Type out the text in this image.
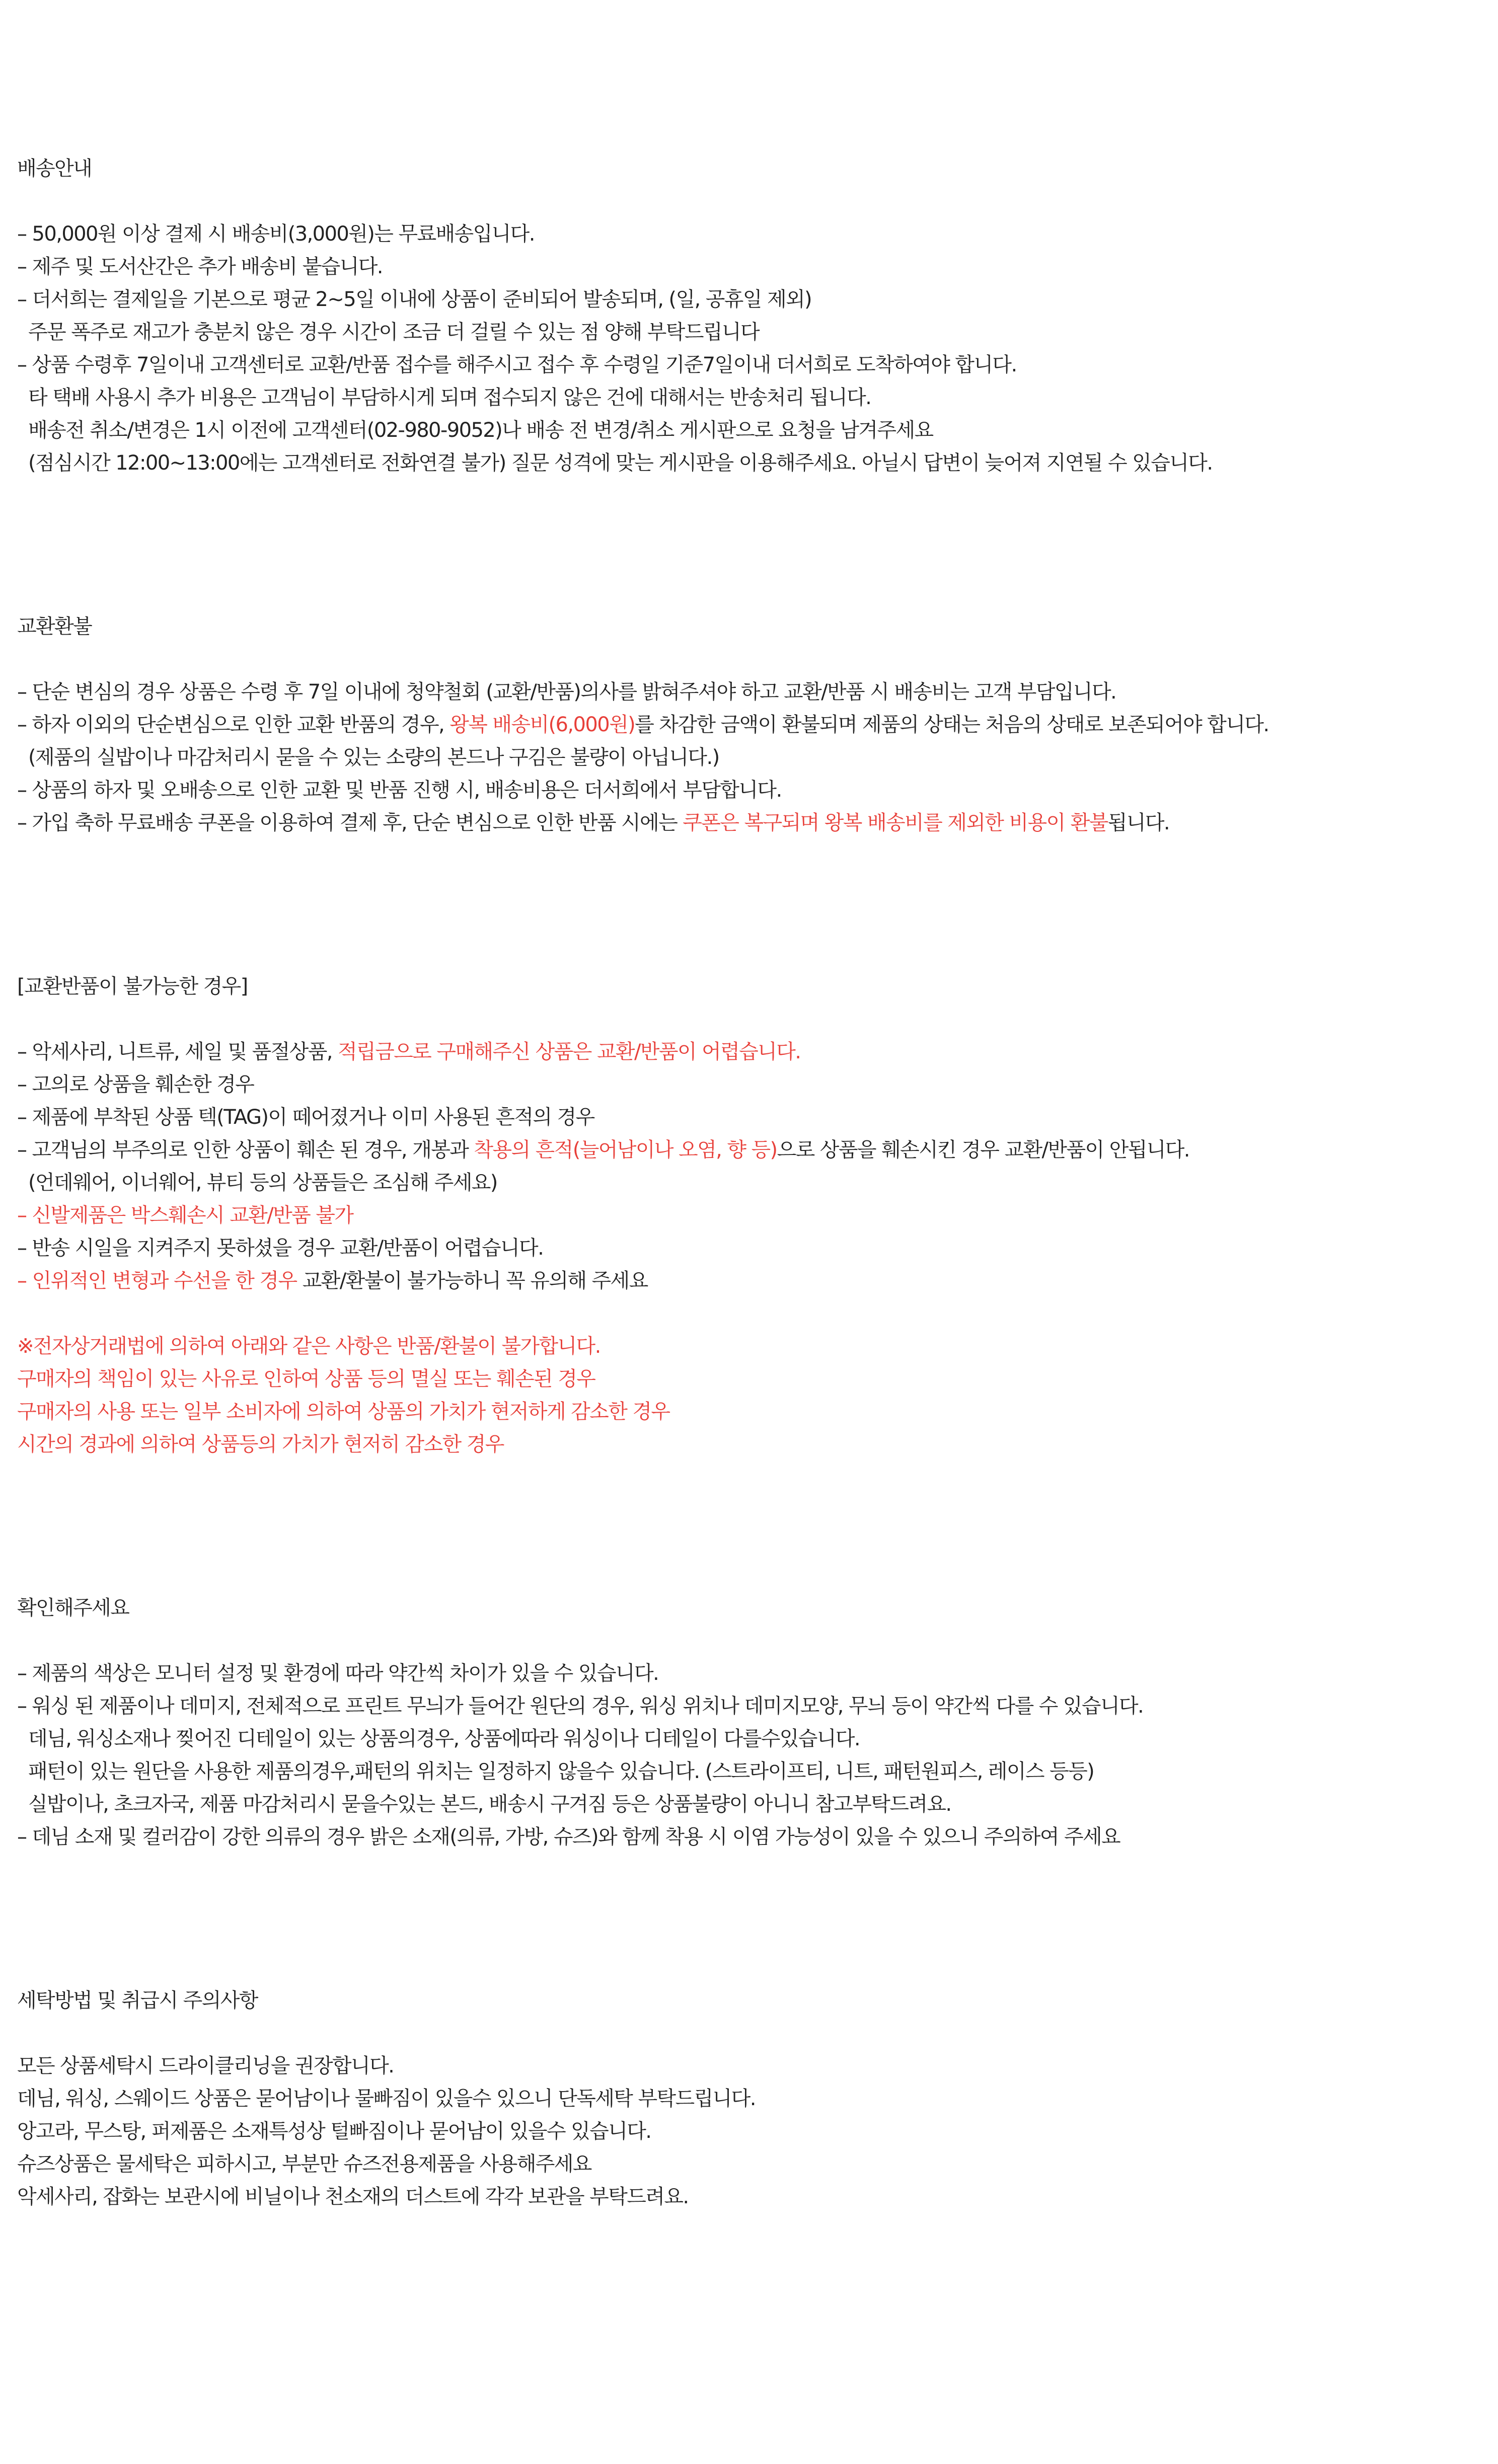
배송안내
– 50,000원 이상 결제 시 배송비(3,000원)는 무료배송입니다.
– 제주 및 도서산간은 추가 배송비 붙습니다.
– 더서희는 결제일을 기본으로 평균 2~5일 이내에 상품이 준비되어 발송되며, (일, 공휴일 제외)
주문 폭주로 재고가 충분치 않은 경우 시간이 조금 더 걸릴 수 있는 점 양해 부탁드립니다
– 상품 수령후 7일이내 고객센터로 교환/반품 접수를 해주시고 접수 후 수령일 기준7일이내 더서희로 도착하여야 합니다.
타 택배 사용시 추가 비용은 고객님이 부담하시게 되며 접수되지 않은 건에 대해서는 반송처리 됩니다.
배송전 취소/변경은 1시 이전에 고객센터(02-980-9052)나 배송 전 변경/취소 게시판으로 요청을 남겨주세요
(점심시간 12:00~13:00에는 고객센터로 전화연결 불가) 질문 성격에 맞는 게시판을 이용해주세요. 아닐시 답변이 늦어져 지연될 수 있습니다.
교환환불
– 단순 변심의 경우 상품은 수령 후 7일 이내에 청약철회 (교환/반품)의사를 밝혀주셔야 하고 교환/반품 시 배송비는 고객 부담입니다.
– 하자 이외의 단순변심으로 인한 교환 반품의 경우, 왕복 배송비(6,000원)를 차감한 금액이 환불되며 제품의 상태는 처음의 상태로 보존되어야 합니다.
(제품의 실밥이나 마감처리시 묻을 수 있는 소량의 본드나 구김은 불량이 아닙니다.)
– 상품의 하자 및 오배송으로 인한 교환 및 반품 진행 시, 배송비용은 더서희에서 부담합니다.
– 가입 축하 무료배송 쿠폰을 이용하여 결제 후, 단순 변심으로 인한 반품 시에는 쿠폰은 복구되며 왕복 배송비를 제외한 비용이 환불됩니다.
[교환반품이 불가능한 경우]
– 악세사리, 니트류, 세일 및 품절상품, 적립금으로 구매해주신 상품은 교환/반품이 어렵습니다.
– 고의로 상품을 훼손한 경우
– 제품에 부착된 상품 텍(TAG)이 떼어졌거나 이미 사용된 흔적의 경우
– 고객님의 부주의로 인한 상품이 훼손 된 경우, 개봉과 착용의 흔적(늘어남이나 오염, 향 등)으로 상품을 훼손시킨 경우 교환/반품이 안됩니다.
(언데웨어, 이너웨어, 뷰티 등의 상품들은 조심해 주세요)
– 신발제품은 박스훼손시 교환/반품 불가
– 반송 시일을 지켜주지 못하셨을 경우 교환/반품이 어렵습니다.
– 인위적인 변형과 수선을 한 경우 교환/환불이 불가능하니 꼭 유의해 주세요
※전자상거래법에 의하여 아래와 같은 사항은 반품/환불이 불가합니다.
구매자의 책임이 있는 사유로 인하여 상품 등의 멸실 또는 훼손된 경우
구매자의 사용 또는 일부 소비자에 의하여 상품의 가치가 현저하게 감소한 경우
시간의 경과에 의하여 상품등의 가치가 현저히 감소한 경우
확인해주세요
– 제품의 색상은 모니터 설정 및 환경에 따라 약간씩 차이가 있을 수 있습니다.
– 워싱 된 제품이나 데미지, 전체적으로 프린트 무늬가 들어간 원단의 경우, 워싱 위치나 데미지모양, 무늬 등이 약간씩 다를 수 있습니다.
데님, 워싱소재나 찢어진 디테일이 있는 상품의경우, 상품에따라 워싱이나 디테일이 다를수있습니다.
패턴이 있는 원단을 사용한 제품의경우,패턴의 위치는 일정하지 않을수 있습니다. (스트라이프티, 니트, 패턴원피스, 레이스 등등)
실밥이나, 초크자국, 제품 마감처리시 묻을수있는 본드, 배송시 구겨짐 등은 상품불량이 아니니 참고부탁드려요.
– 데님 소재 및 컬러감이 강한 의류의 경우 밝은 소재(의류, 가방, 슈즈)와 함께 착용 시 이염 가능성이 있을 수 있으니 주의하여 주세요
세탁방법 및 취급시 주의사항
모든 상품세탁시 드라이클리닝을 권장합니다.
데님, 워싱, 스웨이드 상품은 묻어남이나 물빠짐이 있을수 있으니 단독세탁 부탁드립니다.
앙고라, 무스탕, 퍼제품은 소재특성상 털빠짐이나 묻어남이 있을수 있습니다.
슈즈상품은 물세탁은 피하시고, 부분만 슈즈전용제품을 사용해주세요
악세사리, 잡화는 보관시에 비닐이나 천소재의 더스트에 각각 보관을 부탁드려요.
